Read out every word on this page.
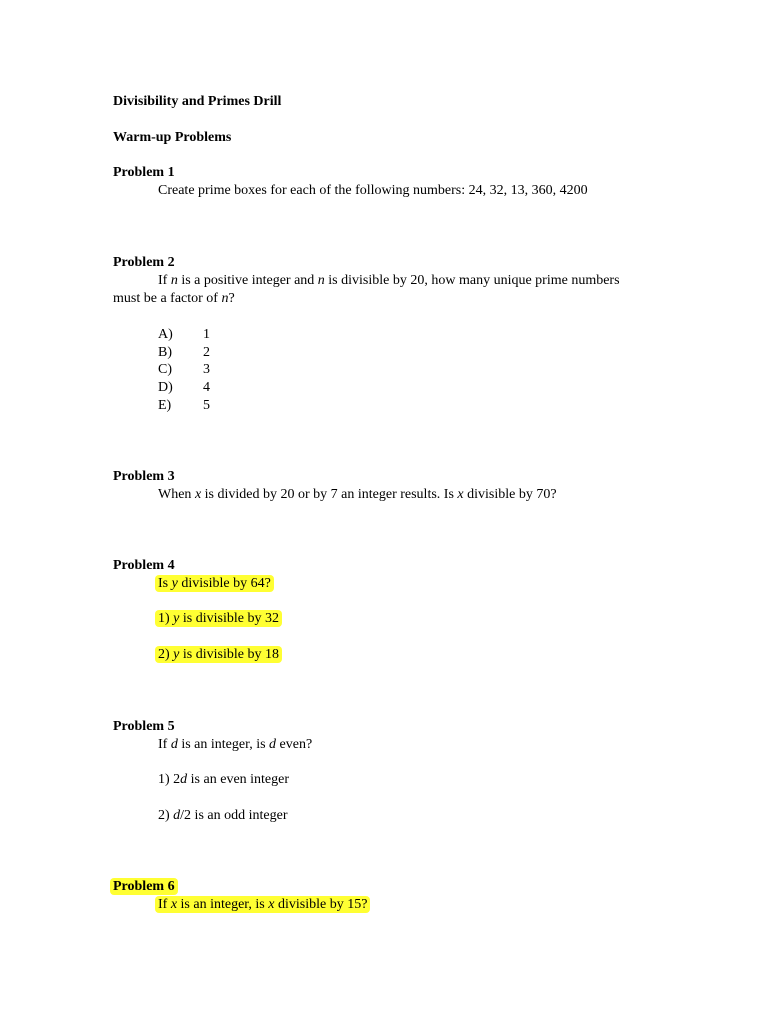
Divisibility and Primes Drill
Warm-up Problems
Problem 1
Create prime boxes for each of the following numbers: 24, 32, 13, 360, 4200
Problem 2
If n is a positive integer and n is divisible by 20, how many unique prime numbers
must be a factor of n?
A) 1
B) 2
C) 3
D) 4
E) 5
Problem 3
When x is divided by 20 or by 7 an integer results. Is x divisible by 70?
Problem 4
Is y divisible by 64?
1) y is divisible by 32
2) y is divisible by 18
Problem 5
If d is an integer, is d even?
1) 2d is an even integer
2) d/2 is an odd integer
Problem 6
If x is an integer, is x divisible by 15?
